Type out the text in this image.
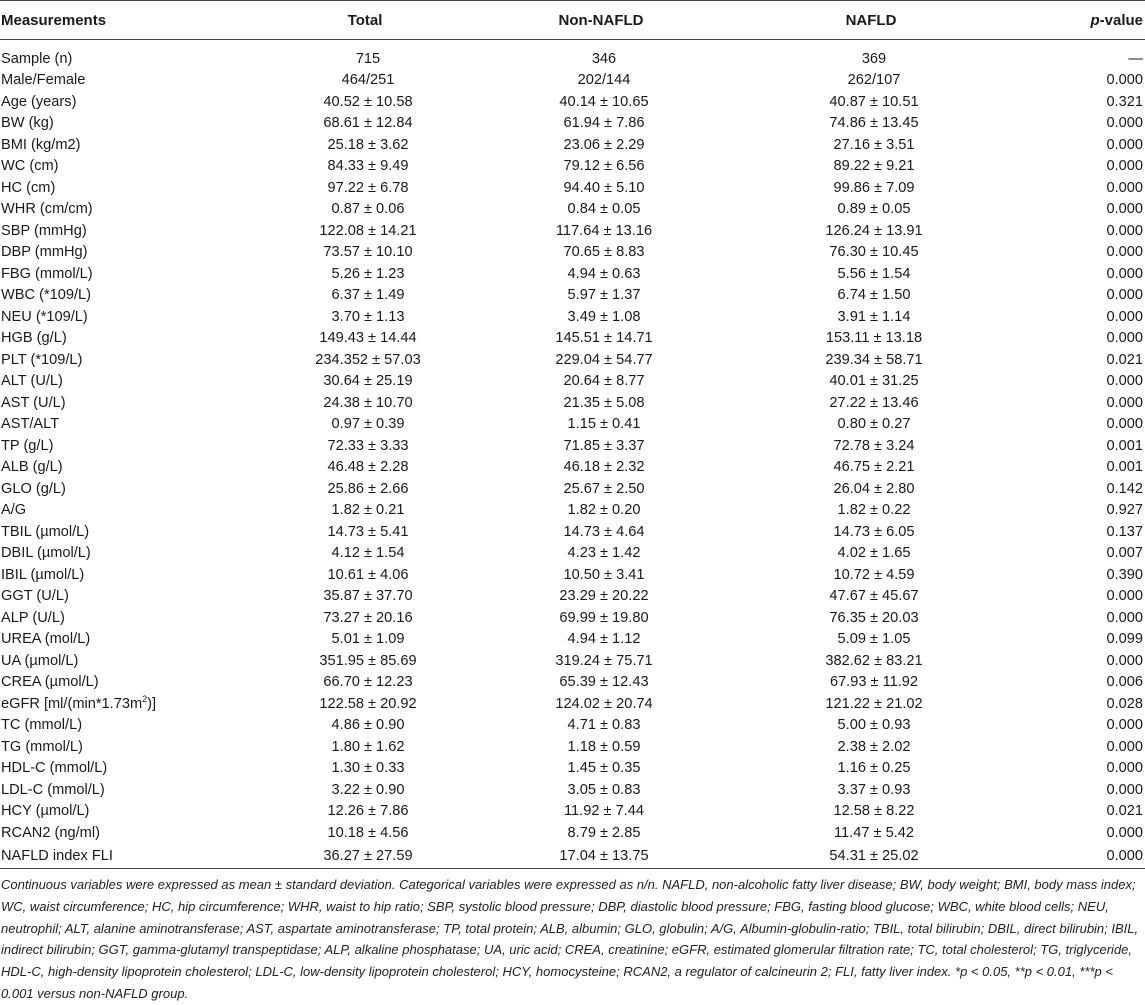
Measurements	Total	Non-NAFLD	NAFLD	p-value

Sample (n)	715	346	369	—
Male/Female	464/251	202/144	262/107	0.000
Age (years)	40.52 ± 10.58	40.14 ± 10.65	40.87 ± 10.51	0.321
BW (kg)	68.61 ± 12.84	61.94 ± 7.86	74.86 ± 13.45	0.000
BMI (kg/m2)	25.18 ± 3.62	23.06 ± 2.29	27.16 ± 3.51	0.000
WC (cm)	84.33 ± 9.49	79.12 ± 6.56	89.22 ± 9.21	0.000
HC (cm)	97.22 ± 6.78	94.40 ± 5.10	99.86 ± 7.09	0.000
WHR (cm/cm)	0.87 ± 0.06	0.84 ± 0.05	0.89 ± 0.05	0.000
SBP (mmHg)	122.08 ± 14.21	117.64 ± 13.16	126.24 ± 13.91	0.000
DBP (mmHg)	73.57 ± 10.10	70.65 ± 8.83	76.30 ± 10.45	0.000
FBG (mmol/L)	5.26 ± 1.23	4.94 ± 0.63	5.56 ± 1.54	0.000
WBC (*109/L)	6.37 ± 1.49	5.97 ± 1.37	6.74 ± 1.50	0.000
NEU (*109/L)	3.70 ± 1.13	3.49 ± 1.08	3.91 ± 1.14	0.000
HGB (g/L)	149.43 ± 14.44	145.51 ± 14.71	153.11 ± 13.18	0.000
PLT (*109/L)	234.352 ± 57.03	229.04 ± 54.77	239.34 ± 58.71	0.021
ALT (U/L)	30.64 ± 25.19	20.64 ± 8.77	40.01 ± 31.25	0.000
AST (U/L)	24.38 ± 10.70	21.35 ± 5.08	27.22 ± 13.46	0.000
AST/ALT	0.97 ± 0.39	1.15 ± 0.41	0.80 ± 0.27	0.000
TP (g/L)	72.33 ± 3.33	71.85 ± 3.37	72.78 ± 3.24	0.001
ALB (g/L)	46.48 ± 2.28	46.18 ± 2.32	46.75 ± 2.21	0.001
GLO (g/L)	25.86 ± 2.66	25.67 ± 2.50	26.04 ± 2.80	0.142
A/G	1.82 ± 0.21	1.82 ± 0.20	1.82 ± 0.22	0.927
TBIL (µmol/L)	14.73 ± 5.41	14.73 ± 4.64	14.73 ± 6.05	0.137
DBIL (µmol/L)	4.12 ± 1.54	4.23 ± 1.42	4.02 ± 1.65	0.007
IBIL (µmol/L)	10.61 ± 4.06	10.50 ± 3.41	10.72 ± 4.59	0.390
GGT (U/L)	35.87 ± 37.70	23.29 ± 20.22	47.67 ± 45.67	0.000
ALP (U/L)	73.27 ± 20.16	69.99 ± 19.80	76.35 ± 20.03	0.000
UREA (mol/L)	5.01 ± 1.09	4.94 ± 1.12	5.09 ± 1.05	0.099
UA (µmol/L)	351.95 ± 85.69	319.24 ± 75.71	382.62 ± 83.21	0.000
CREA (µmol/L)	66.70 ± 12.23	65.39 ± 12.43	67.93 ± 11.92	0.006
eGFR $[ml/(\min*1.73m^2)]$	122.58 ± 20.92	124.02 ± 20.74	121.22 ± 21.02	0.028
TC (mmol/L)	4.86 ± 0.90	4.71 ± 0.83	5.00 ± 0.93	0.000
TG (mmol/L)	1.80 ± 1.62	1.18 ± 0.59	2.38 ± 2.02	0.000
HDL-C (mmol/L)	1.30 ± 0.33	1.45 ± 0.35	1.16 ± 0.25	0.000
LDL-C (mmol/L)	3.22 ± 0.90	3.05 ± 0.83	3.37 ± 0.93	0.000
HCY (µmol/L)	12.26 ± 7.86	11.92 ± 7.44	12.58 ± 8.22	0.021
RCAN2 (ng/ml)	10.18 ± 4.56	8.79 ± 2.85	11.47 ± 5.42	0.000
NAFLD index FLI	36.27 ± 27.59	17.04 ± 13.75	54.31 ± 25.02	0.000
Continuous variables were expressed as mean ± standard deviation. Categorical variables were expressed as n/n. NAFLD, non-alcoholic fatty liver disease; BW, body weight; BMI, body mass index; WC, waist circumference; HC, hip circumference; WHR, waist to hip ratio; SBP, systolic blood pressure; DBP, diastolic blood pressure; FBG, fasting blood glucose; WBC, white blood cells; NEU, neutrophil; ALT, alanine aminotransferase; AST, aspartate aminotransferase; TP, total protein; ALB, albumin; GLO, globulin; A/G, Albumin-globulin-ratio; TBIL, total bilirubin; DBIL, direct bilirubin; IBIL, indirect bilirubin; GGT, gamma-glutamyl transpeptidase; ALP, alkaline phosphatase; UA, uric acid; CREA, creatinine; eGFR, estimated glomerular filtration rate; TC, total cholesterol; TG, triglyceride, HDL-C, high-density lipoprotein cholesterol; LDL-C, low-density lipoprotein cholesterol; HCY, homocysteine; RCAN2, a regulator of calcineurin 2; FLI, fatty liver index. *p < 0.05, **p < 0.01, ***p < 0.001 versus non-NAFLD group.
